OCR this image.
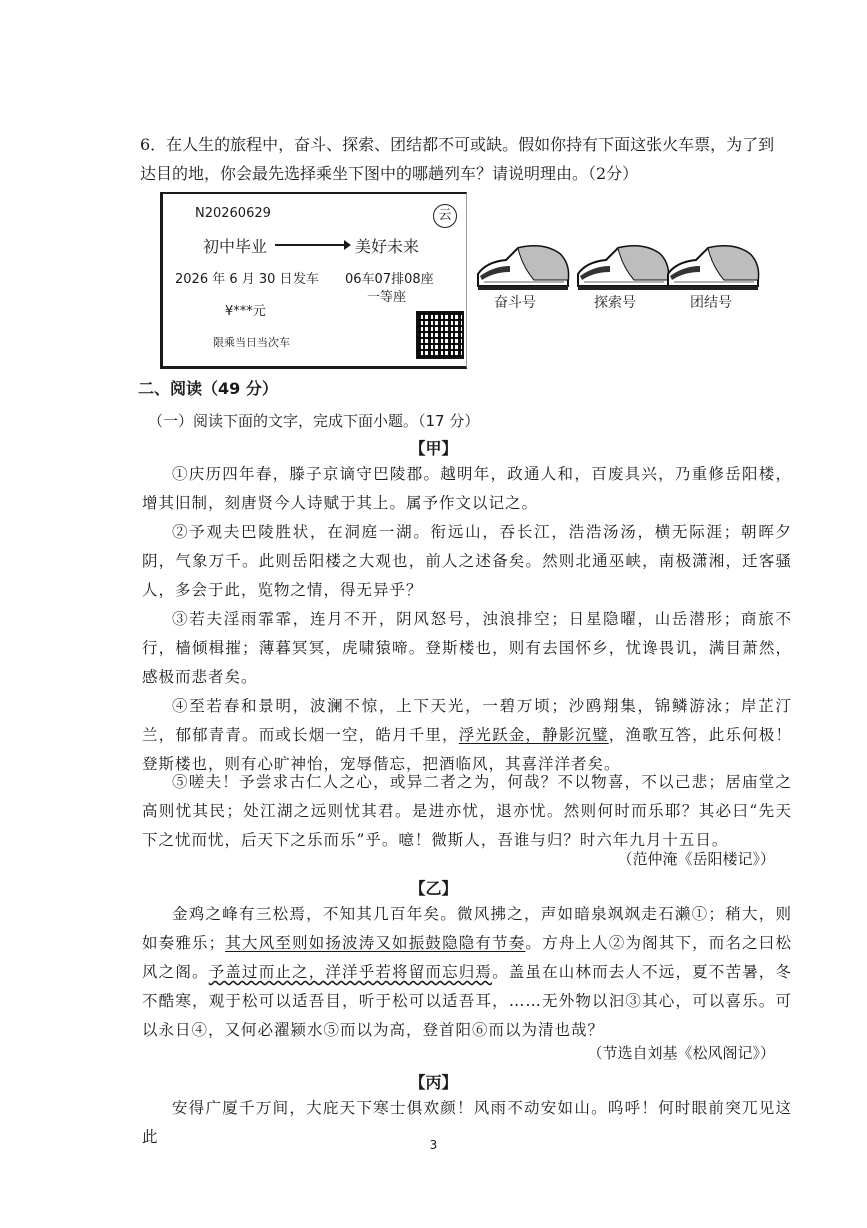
6．在人生的旅程中，奋斗、探索、团结都不可或缺。假如你持有下面这张火车票，为了到达目的地，你会最先选择乘坐下图中的哪趟列车？请说明理由。（2分）
N20260629	云
初中毕业	美好未来
2026 年 6 月 30 日 发车 06车07排08座
一等座
¥***元
限乘当日当次车
奋斗号	探索号	团结号
二、阅读（49 分）
（一）阅读下面的文字，完成下面小题。（17 分）
【甲】
①庆历四年春，滕子京谪守巴陵郡。越明年，政通人和，百废具兴，乃重修岳阳楼，增其旧制，刻唐贤今人诗赋于其上。属予作文以记之。
②予观夫巴陵胜状，在洞庭一湖。衔远山，吞长江，浩浩汤汤，横无际涯；朝晖夕阴，气象万千。此则岳阳楼之大观也，前人之述备矣。然则北通巫峡，南极潇湘，迁客骚人，多会于此，览物之情，得无异乎？
③若夫淫雨霏霏，连月不开，阴风怒号，浊浪排空；日星隐曜，山岳潜形；商旅不行，樯倾楫摧；薄暮冥冥，虎啸猿啼。登斯楼也，则有去国怀乡，忧谗畏讥，满目萧然，感极而悲者矣。
④至若春和景明，波澜不惊，上下天光，一碧万顷；沙鸥翔集，锦鳞游泳；岸芷汀兰，郁郁青青。而或长烟一空，皓月千里，浮光跃金，静影沉璧，渔歌互答，此乐何极！登斯楼也，则有心旷神怡，宠辱偕忘，把酒临风，其喜洋洋者矣。
⑤嗟夫！予尝求古仁人之心，或异二者之为，何哉？不以物喜，不以己悲；居庙堂之高则忧其民；处江湖之远则忧其君。是进亦忧，退亦忧。然则何时而乐耶？其必曰“先天下之忧而忧，后天下之乐而乐”乎。噫！微斯人，吾谁与归？时六年九月十五日。
（范仲淹《岳阳楼记》）
【乙】
金鸡之峰有三松焉，不知其几百年矣。微风拂之，声如暗泉飒飒走石濑①；稍大，则如奏雅乐；其大风至则如扬波涛又如振鼓隐隐有节奏。方舟上人②为阁其下，而名之曰松风之阁。予盖过而止之，洋洋乎若将留而忘归焉。盖虽在山林而去人不远，夏不苦暑，冬不酷寒，观于松可以适吾目，听于松可以适吾耳，……无外物以汩③其心，可以喜乐。可以永日④，又何必濯颍水⑤而以为高，登首阳⑥而以为清也哉？
（节选自刘基《松风阁记》）
【丙】
安得广厦千万间，大庇天下寒士俱欢颜！风雨不动安如山。呜呼！何时眼前突兀见这此	3
